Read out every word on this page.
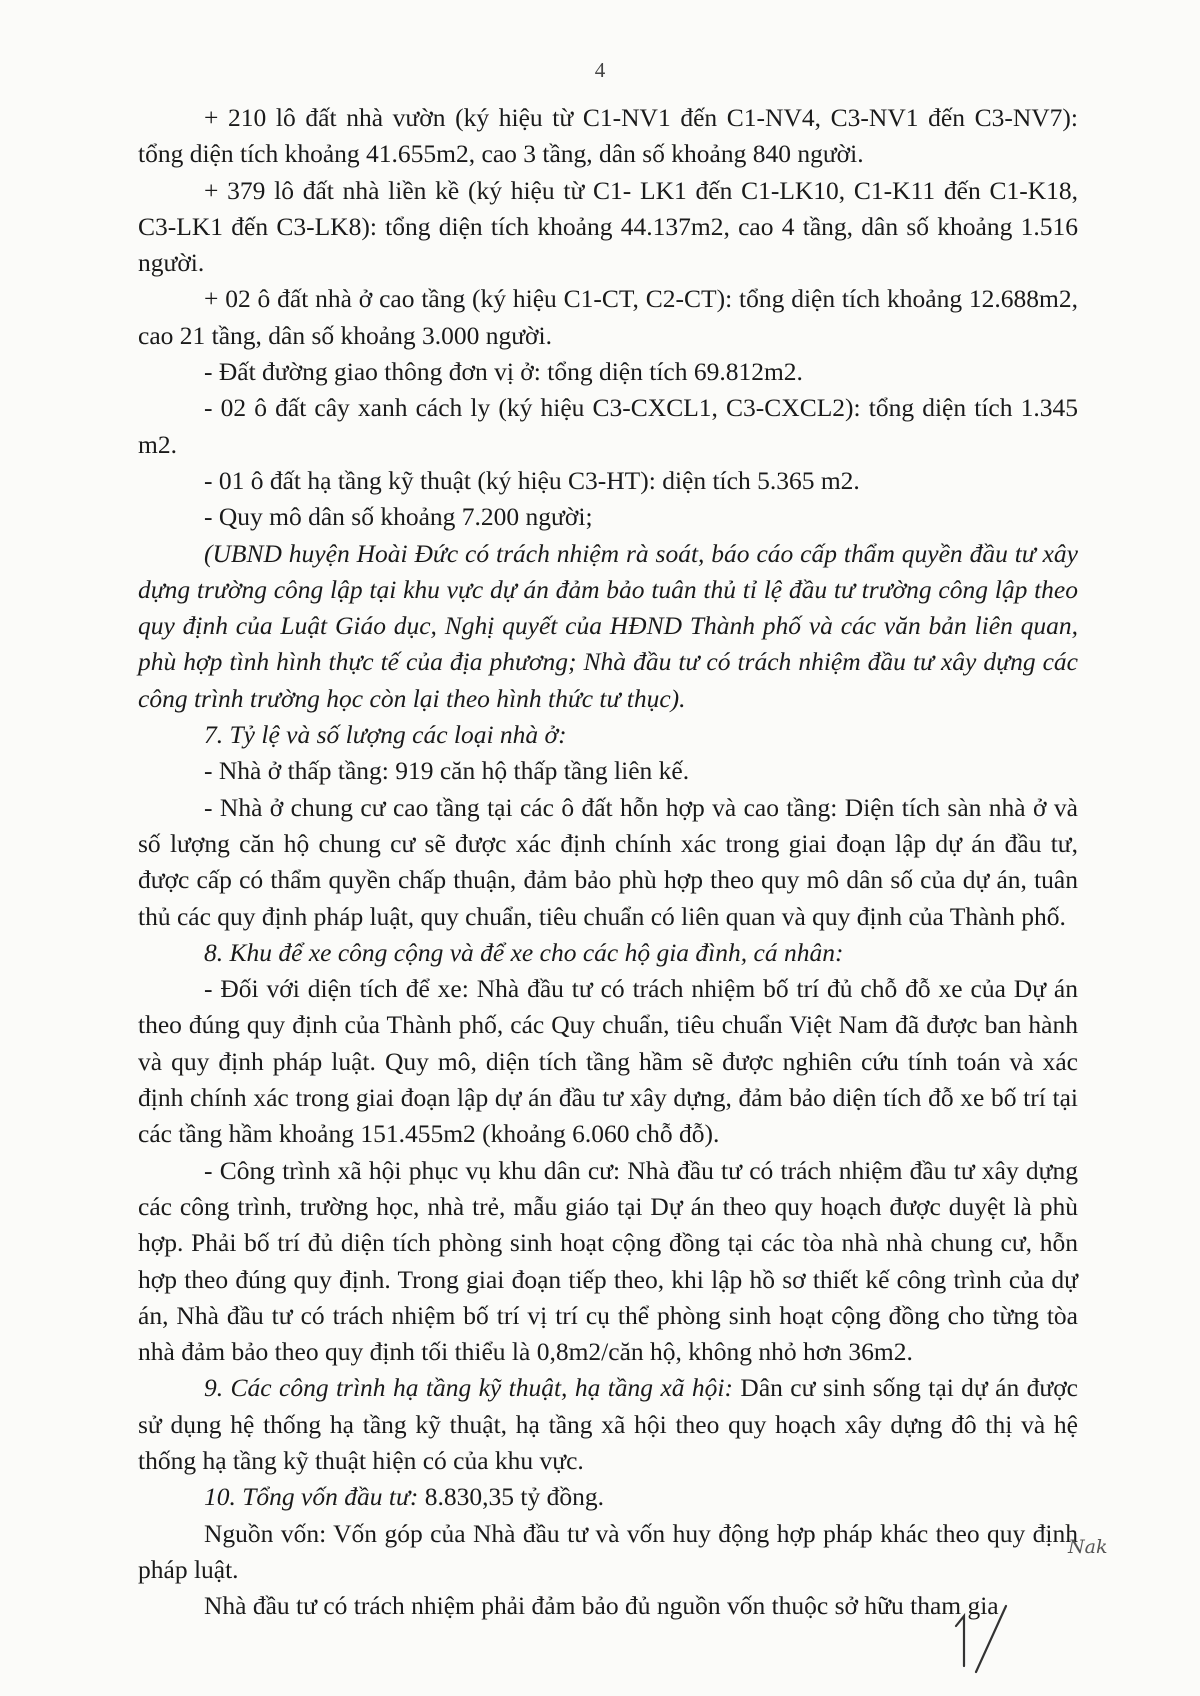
4

+ 210 lô đất nhà vườn (ký hiệu từ C1-NV1 đến C1-NV4, C3-NV1 đến C3-NV7): tổng diện tích khoảng 41.655m2, cao 3 tầng, dân số khoảng 840 người.

+ 379 lô đất nhà liền kề (ký hiệu từ C1- LK1 đến C1-LK10, C1-K11 đến C1-K18, C3-LK1 đến C3-LK8): tổng diện tích khoảng 44.137m2, cao 4 tầng, dân số khoảng 1.516 người.

+ 02 ô đất nhà ở cao tầng (ký hiệu C1-CT, C2-CT): tổng diện tích khoảng 12.688m2, cao 21 tầng, dân số khoảng 3.000 người.

- Đất đường giao thông đơn vị ở: tổng diện tích 69.812m2.

- 02 ô đất cây xanh cách ly (ký hiệu C3-CXCL1, C3-CXCL2): tổng diện tích 1.345 m2.

- 01 ô đất hạ tầng kỹ thuật (ký hiệu C3-HT): diện tích 5.365 m2.

- Quy mô dân số khoảng 7.200 người;

(UBND huyện Hoài Đức có trách nhiệm rà soát, báo cáo cấp thẩm quyền đầu tư xây dựng trường công lập tại khu vực dự án đảm bảo tuân thủ tỉ lệ đầu tư trường công lập theo quy định của Luật Giáo dục, Nghị quyết của HĐND Thành phố và các văn bản liên quan, phù hợp tình hình thực tế của địa phương; Nhà đầu tư có trách nhiệm đầu tư xây dựng các công trình trường học còn lại theo hình thức tư thục).

7. Tỷ lệ và số lượng các loại nhà ở:

- Nhà ở thấp tầng: 919 căn hộ thấp tầng liên kế.

- Nhà ở chung cư cao tầng tại các ô đất hỗn hợp và cao tầng: Diện tích sàn nhà ở và số lượng căn hộ chung cư sẽ được xác định chính xác trong giai đoạn lập dự án đầu tư, được cấp có thẩm quyền chấp thuận, đảm bảo phù hợp theo quy mô dân số của dự án, tuân thủ các quy định pháp luật, quy chuẩn, tiêu chuẩn có liên quan và quy định của Thành phố.

8. Khu để xe công cộng và để xe cho các hộ gia đình, cá nhân:

- Đối với diện tích để xe: Nhà đầu tư có trách nhiệm bố trí đủ chỗ đỗ xe của Dự án theo đúng quy định của Thành phố, các Quy chuẩn, tiêu chuẩn Việt Nam đã được ban hành và quy định pháp luật. Quy mô, diện tích tầng hầm sẽ được nghiên cứu tính toán và xác định chính xác trong giai đoạn lập dự án đầu tư xây dựng, đảm bảo diện tích đỗ xe bố trí tại các tầng hầm khoảng 151.455m2 (khoảng 6.060 chỗ đỗ).

- Công trình xã hội phục vụ khu dân cư: Nhà đầu tư có trách nhiệm đầu tư xây dựng các công trình, trường học, nhà trẻ, mẫu giáo tại Dự án theo quy hoạch được duyệt là phù hợp. Phải bố trí đủ diện tích phòng sinh hoạt cộng đồng tại các tòa nhà nhà chung cư, hỗn hợp theo đúng quy định. Trong giai đoạn tiếp theo, khi lập hồ sơ thiết kế công trình của dự án, Nhà đầu tư có trách nhiệm bố trí vị trí cụ thể phòng sinh hoạt cộng đồng cho từng tòa nhà đảm bảo theo quy định tối thiểu là 0,8m2/căn hộ, không nhỏ hơn 36m2.

9. Các công trình hạ tầng kỹ thuật, hạ tầng xã hội: Dân cư sinh sống tại dự án được sử dụng hệ thống hạ tầng kỹ thuật, hạ tầng xã hội theo quy hoạch xây dựng đô thị và hệ thống hạ tầng kỹ thuật hiện có của khu vực.

10. Tổng vốn đầu tư: 8.830,35 tỷ đồng.

Nguồn vốn: Vốn góp của Nhà đầu tư và vốn huy động hợp pháp khác theo quy định pháp luật.

Nhà đầu tư có trách nhiệm phải đảm bảo đủ nguồn vốn thuộc sở hữu tham gia

Nak
